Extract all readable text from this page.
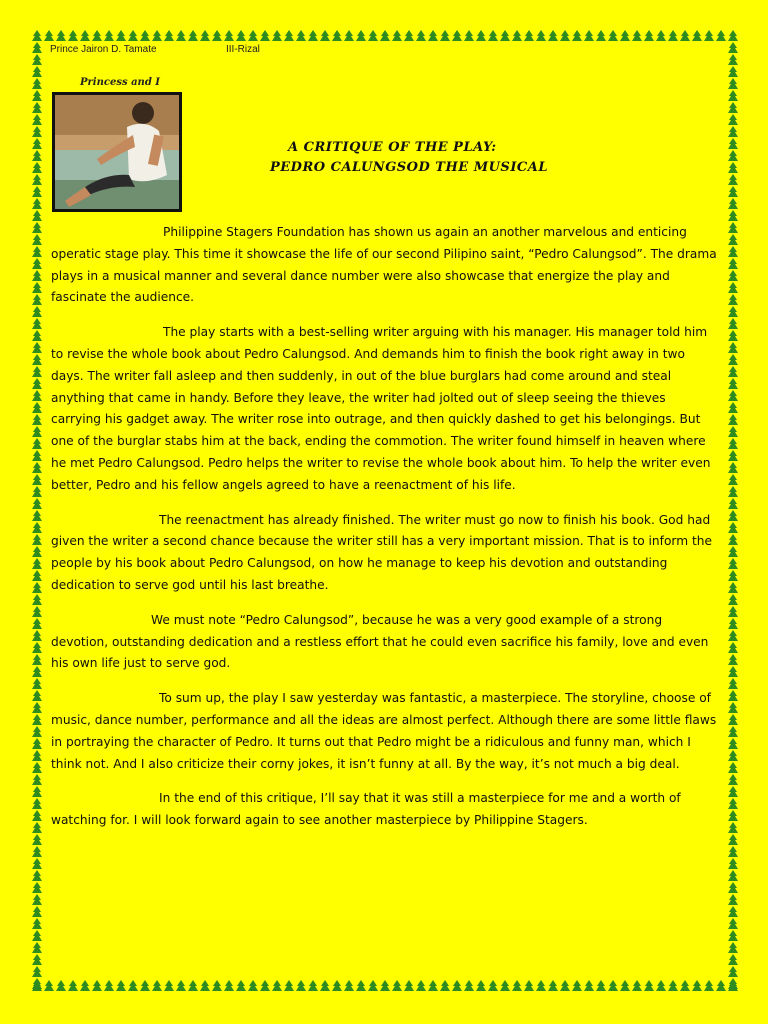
Prince Jairon D. Tamate	III-Rizal
Princess and I
A CRITIQUE OF THE PLAY:
PEDRO CALUNGSOD THE MUSICAL

Philippine Stagers Foundation has shown us again an another marvelous and enticing operatic stage play. This time it showcase the life of our second Pilipino saint, “Pedro Calungsod”. The drama plays in a musical manner and several dance number were also showcase that energize the play and fascinate the audience.

The play starts with a best-selling writer arguing with his manager. His manager told him to revise the whole book about Pedro Calungsod. And demands him to finish the book right away in two days. The writer fall asleep and then suddenly, in out of the blue burglars had come around and steal anything that came in handy. Before they leave, the writer had jolted out of sleep seeing the thieves carrying his gadget away. The writer rose into outrage, and then quickly dashed to get his belongings. But one of the burglar stabs him at the back, ending the commotion. The writer found himself in heaven where he met Pedro Calungsod. Pedro helps the writer to revise the whole book about him. To help the writer even better, Pedro and his fellow angels agreed to have a reenactment of his life.

The reenactment has already finished. The writer must go now to finish his book. God had given the writer a second chance because the writer still has a very important mission. That is to inform the people by his book about Pedro Calungsod, on how he manage to keep his devotion and outstanding dedication to serve god until his last breathe.

We must note “Pedro Calungsod”, because he was a very good example of a strong devotion, outstanding dedication and a restless effort that he could even sacrifice his family, love and even his own life just to serve god.

To sum up, the play I saw yesterday was fantastic, a masterpiece. The storyline, choose of music, dance number, performance and all the ideas are almost perfect. Although there are some little flaws in portraying the character of Pedro. It turns out that Pedro might be a ridiculous and funny man, which I think not. And I also criticize their corny jokes, it isn’t funny at all. By the way, it’s not much a big deal.

In the end of this critique, I’ll say that it was still a masterpiece for me and a worth of watching for. I will look forward again to see another masterpiece by Philippine Stagers.
